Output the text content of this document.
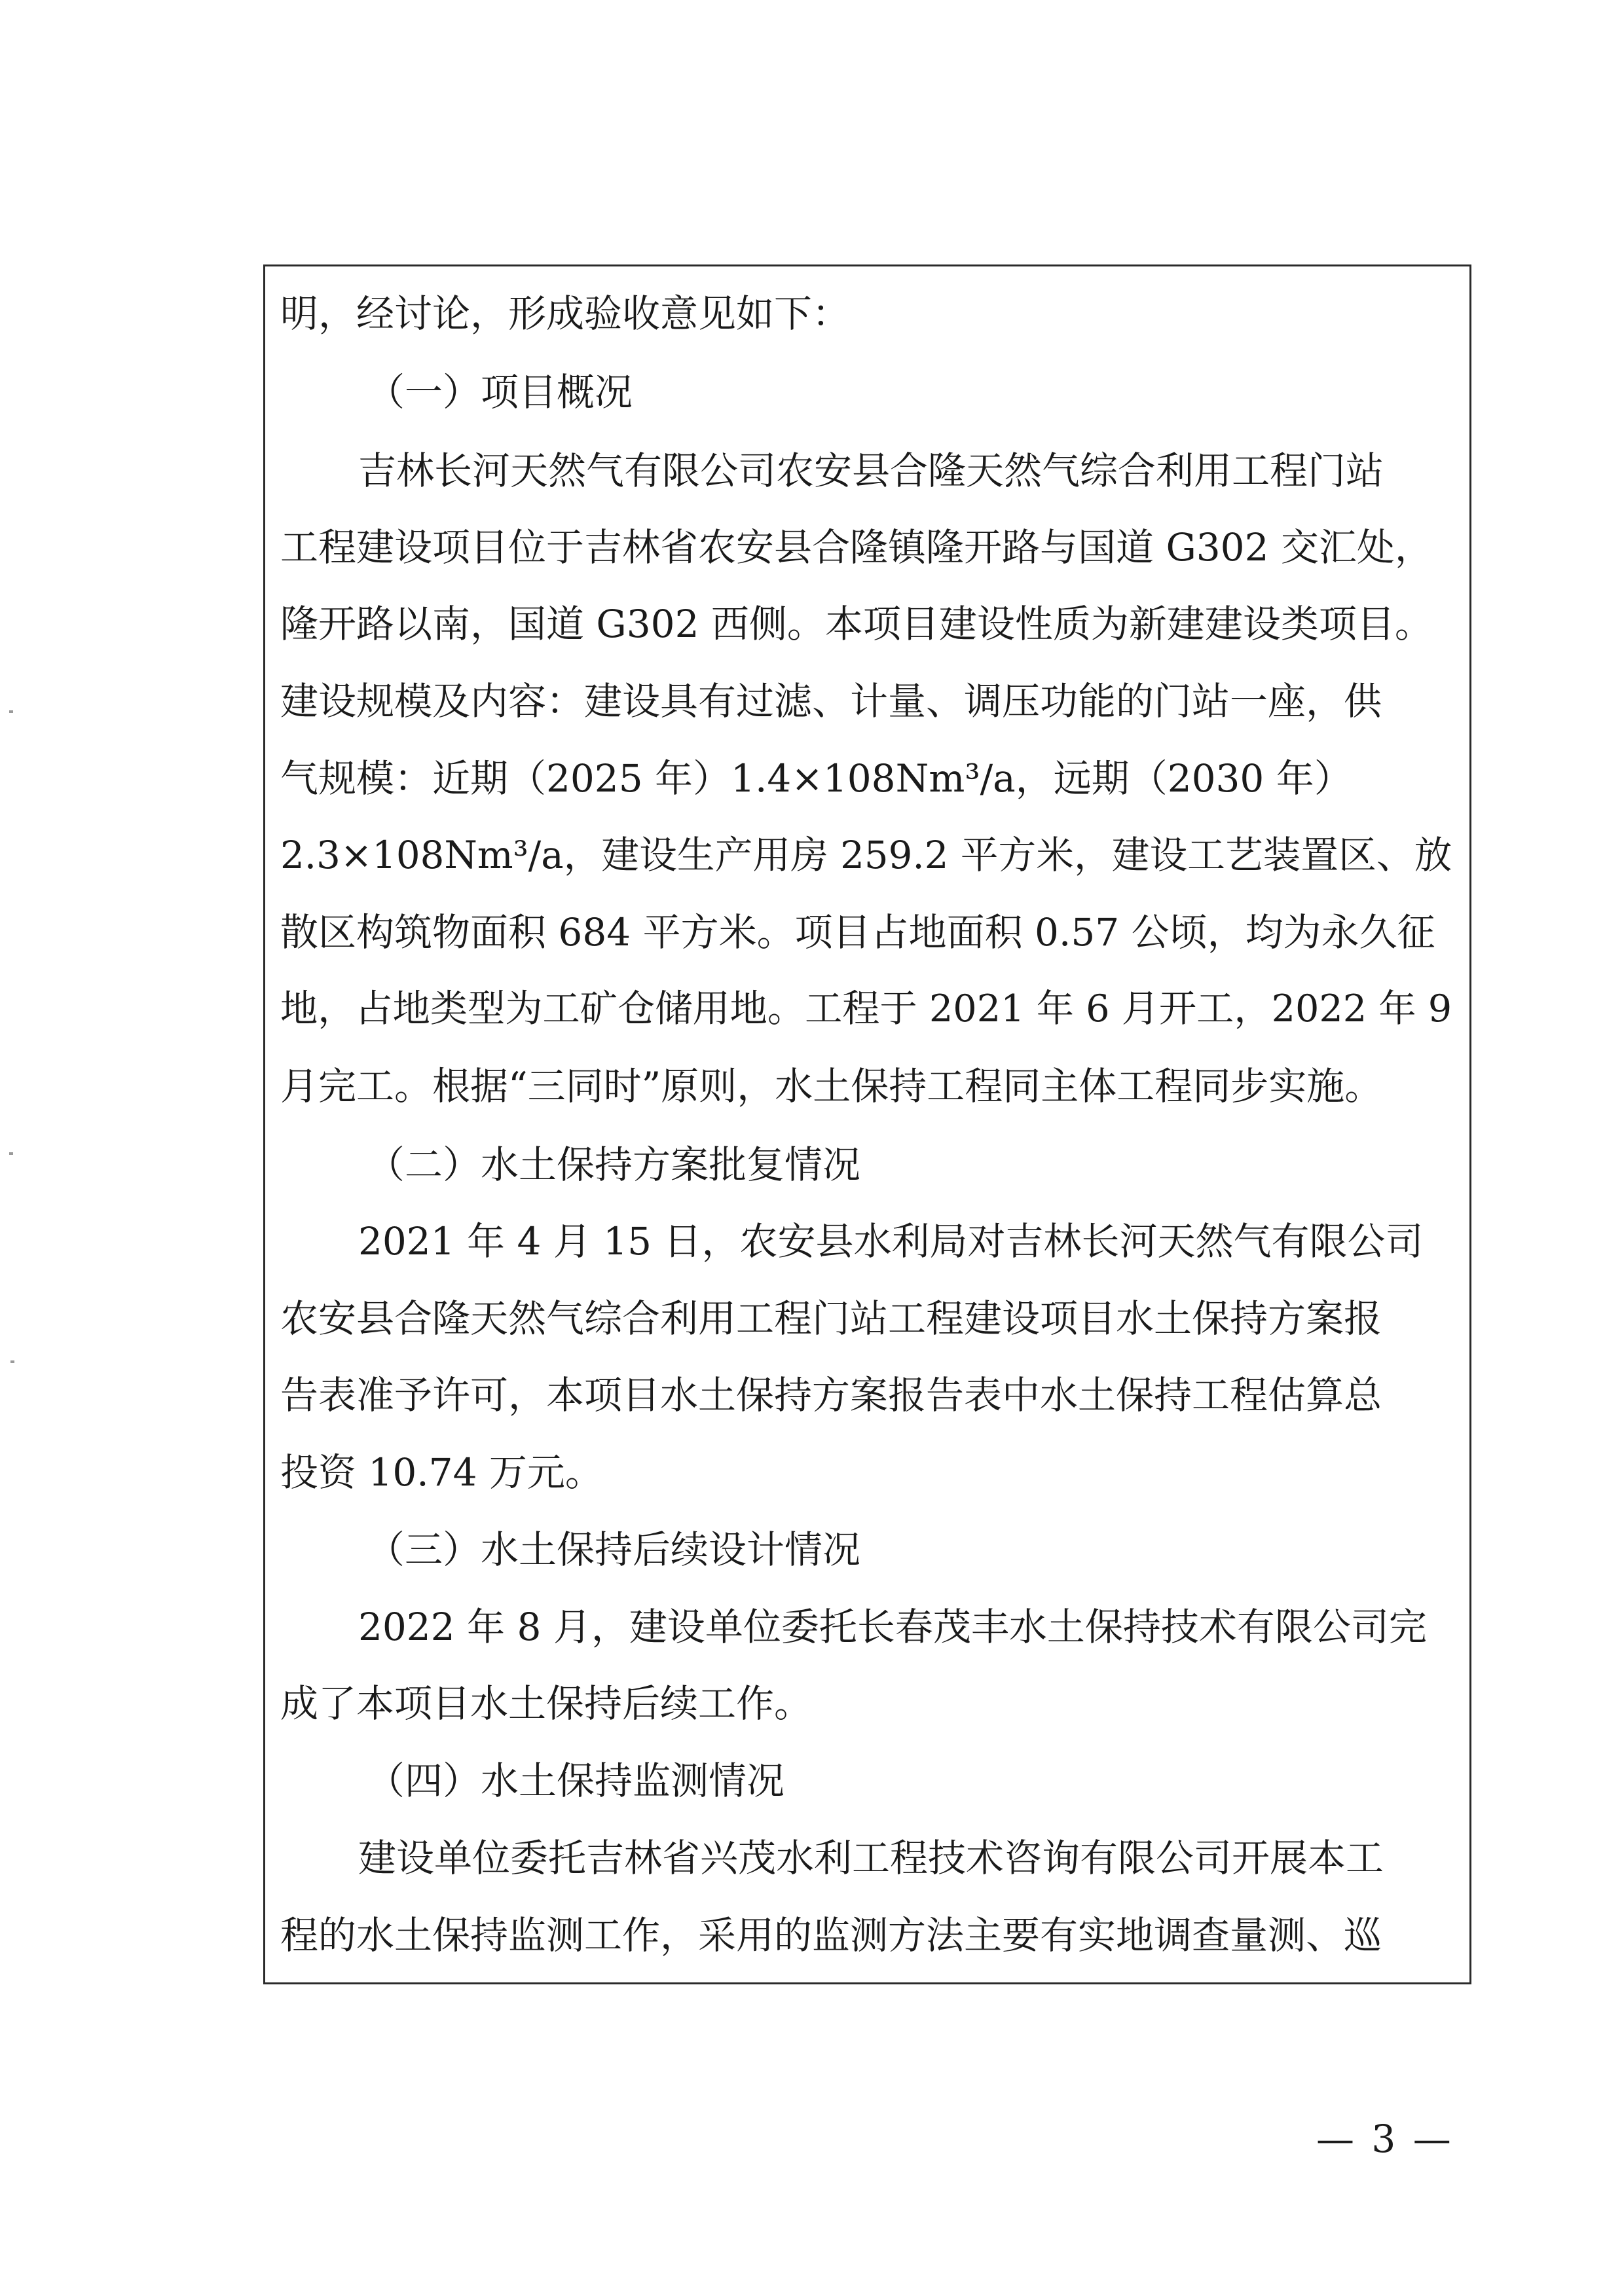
明，经讨论，形成验收意见如下：
（一）项目概况
吉林长河天然气有限公司农安县合隆天然气综合利用工程门站
工程建设项目位于吉林省农安县合隆镇隆开路与国道 G302 交汇处，
隆开路以南，国道 G302 西侧。本项目建设性质为新建建设类项目。
建设规模及内容：建设具有过滤、计量、调压功能的门站一座，供
气规模：近期（2025 年）1.4×108Nm³/a，远期（2030 年）
2.3×108Nm³/a，建设生产用房 259.2 平方米，建设工艺装置区、放
散区构筑物面积 684 平方米。项目占地面积 0.57 公顷，均为永久征
地，占地类型为工矿仓储用地。工程于 2021 年 6 月开工，2022 年 9
月完工。根据“三同时”原则，水土保持工程同主体工程同步实施。
（二）水土保持方案批复情况
2021 年 4 月 15 日，农安县水利局对吉林长河天然气有限公司
农安县合隆天然气综合利用工程门站工程建设项目水土保持方案报
告表准予许可，本项目水土保持方案报告表中水土保持工程估算总
投资 10.74 万元。
（三）水土保持后续设计情况
2022 年 8 月，建设单位委托长春茂丰水土保持技术有限公司完
成了本项目水土保持后续工作。
（四）水土保持监测情况
建设单位委托吉林省兴茂水利工程技术咨询有限公司开展本工
程的水土保持监测工作，采用的监测方法主要有实地调查量测、巡
— 3 —
